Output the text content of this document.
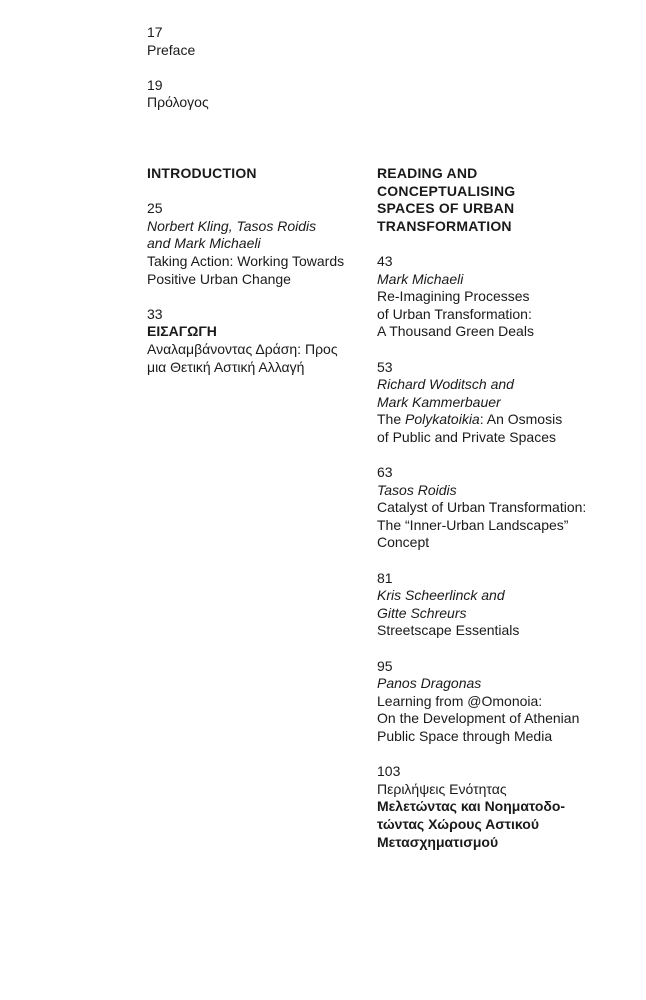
17
Preface
19
Πρόλογος
INTRODUCTION
25
Norbert Kling, Tasos Roidis
and Mark Michaeli
Taking Action: Working Towards
Positive Urban Change
33
ΕΙΣΑΓΩΓΗ
Αναλαμβάνοντας Δράση: Προς
μια Θετική Αστική Αλλαγή
READING AND
CONCEPTUALISING
SPACES OF URBAN
TRANSFORMATION
43
Mark Michaeli
Re-Imagining Processes
of Urban Transformation:
A Thousand Green Deals
53
Richard Woditsch and
Mark Kammerbauer
The Polykatoikia: An Osmosis
of Public and Private Spaces
63
Tasos Roidis
Catalyst of Urban Transformation:
The “Inner-Urban Landscapes”
Concept
81
Kris Scheerlinck and
Gitte Schreurs
Streetscape Essentials
95
Panos Dragonas
Learning from @Omonoia:
On the Development of Athenian
Public Space through Media
103
Περιλήψεις Ενότητας
Μελετώντας και Νοηματοδο-
τώντας Χώρους Αστικού
Μετασχηματισμού
